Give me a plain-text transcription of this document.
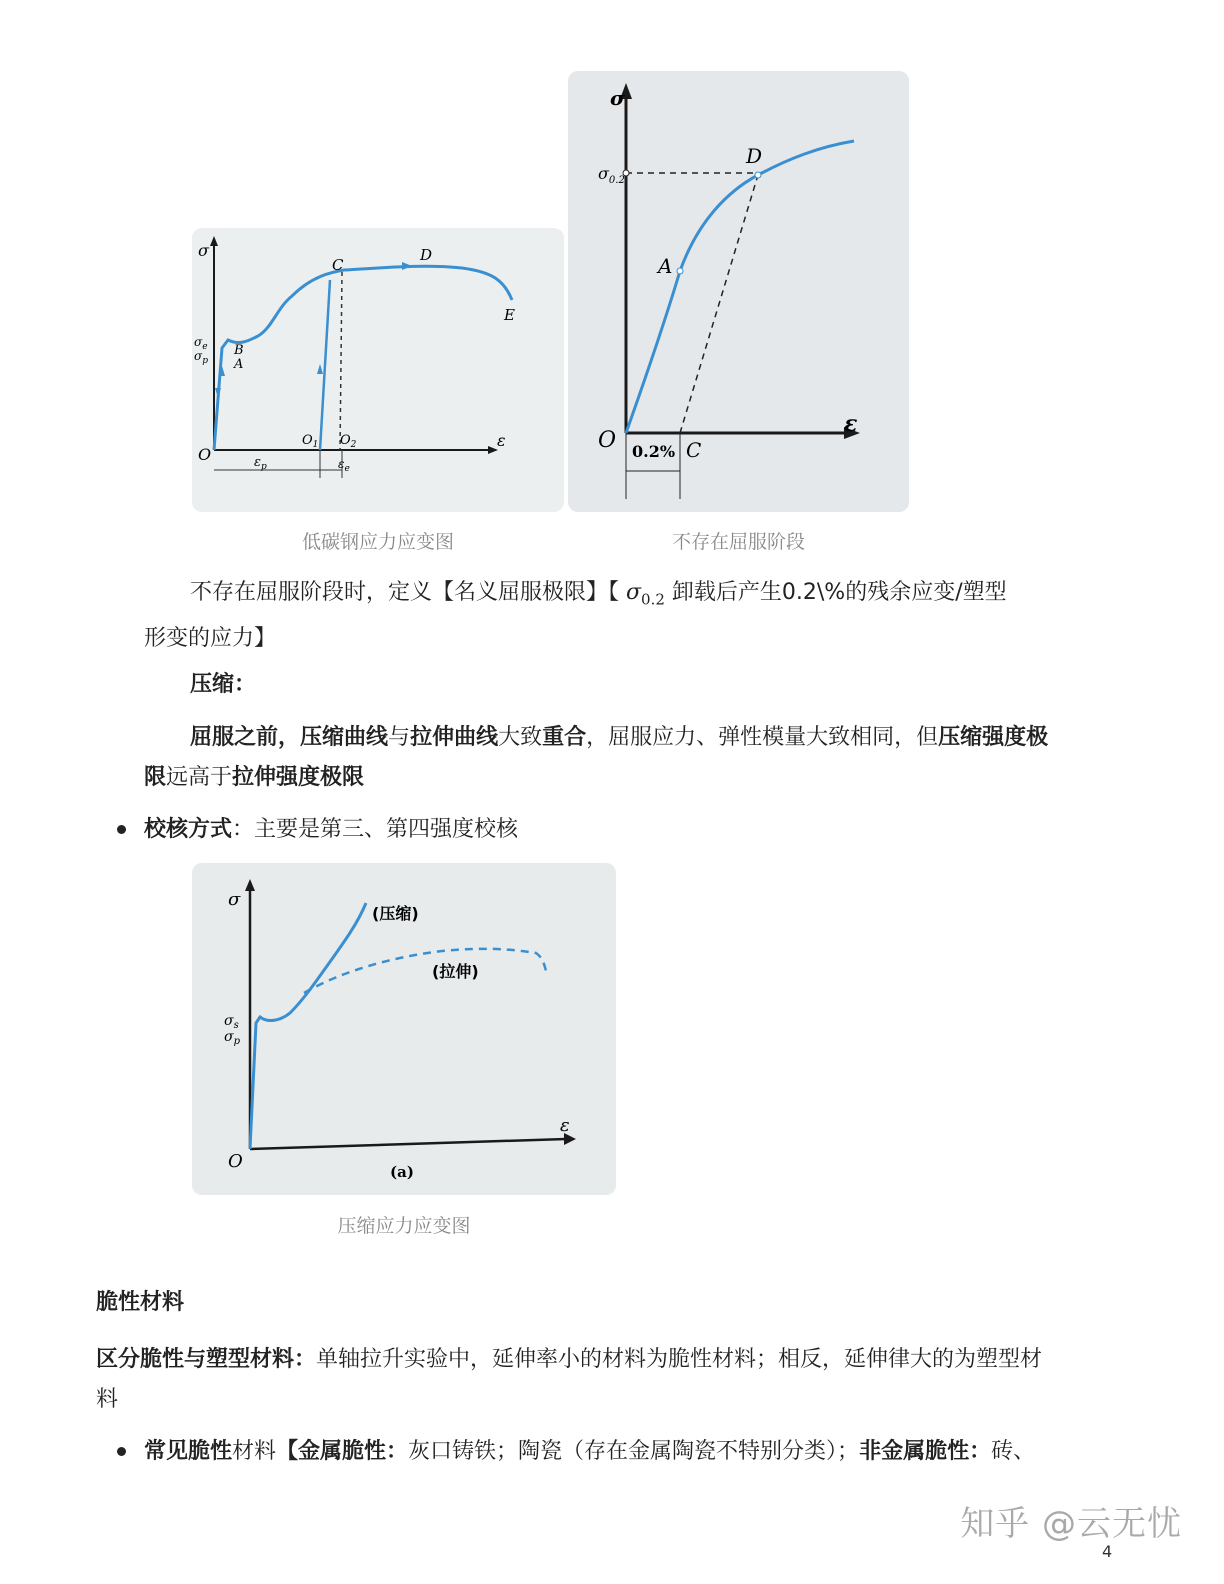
σ
ε
O
A
B
C
D
E
$\sigma_e$
$\sigma_p$
$O_1$ $O_2$
$\varepsilon_p$	$\varepsilon_e$
低碳钢应力应变图
σ
ε
O
A
D
C
$\sigma_{0.2}$
0.2%
不存在屈服阶段
不存在屈服阶段时，定义【名义屈服极限】【 $\sigma_{0.2}$ 卸载后产生0.2\%的残余应变/塑型
形变的应力】
压缩：
屈服之前，压缩曲线与拉伸曲线大致重合，屈服应力、弹性模量大致相同，但压缩强度极
限远高于拉伸强度极限
校核方式：主要是第三、第四强度校核
σ
ε
O
(压缩)
(拉伸)
$\sigma_s$
$\sigma_p$
(a)
压缩应力应变图
脆性材料
区分脆性与塑型材料：单轴拉升实验中，延伸率小的材料为脆性材料；相反，延伸律大的为塑型材
料
常见脆性材料【金属脆性：灰口铸铁；陶瓷（存在金属陶瓷不特别分类）；非金属脆性：砖、
知乎 @云无忧
4
